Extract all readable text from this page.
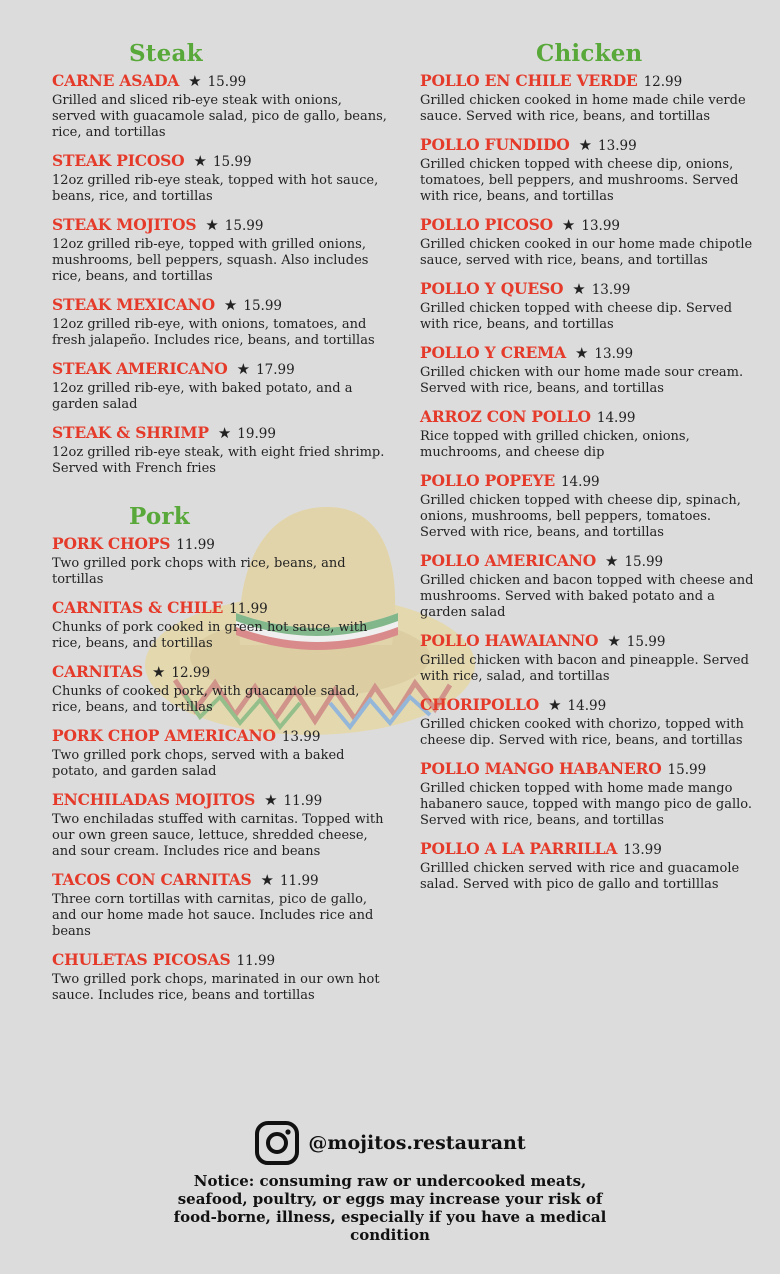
Steak
CARNE ASADA ★ 15.99
Grilled and sliced rib-eye steak with onions, served with guacamole salad, pico de gallo, beans, rice, and tortillas
STEAK PICOSO ★ 15.99
12oz grilled rib-eye steak, topped with hot sauce, beans, rice, and tortillas
STEAK MOJITOS ★ 15.99
12oz grilled rib-eye, topped with grilled onions, mushrooms, bell peppers, squash. Also includes rice, beans, and tortillas
STEAK MEXICANO ★ 15.99
12oz grilled rib-eye, with onions, tomatoes, and fresh jalapeño. Includes rice, beans, and tortillas
STEAK AMERICANO ★ 17.99
12oz grilled rib-eye, with baked potato, and a garden salad
STEAK & SHRIMP ★ 19.99
12oz grilled rib-eye steak, with eight fried shrimp. Served with French fries
Pork
PORK CHOPS 11.99
Two grilled pork chops with rice, beans, and tortillas
CARNITAS & CHILE 11.99
Chunks of pork cooked in green hot sauce, with rice, beans, and tortillas
CARNITAS ★ 12.99
Chunks of cooked pork, with guacamole salad, rice, beans, and tortillas
PORK CHOP AMERICANO 13.99
Two grilled pork chops, served with a baked potato, and garden salad
ENCHILADAS MOJITOS ★ 11.99
Two enchiladas stuffed with carnitas. Topped with our own green sauce, lettuce, shredded cheese, and sour cream. Includes rice and beans
TACOS CON CARNITAS ★ 11.99
Three corn tortillas with carnitas, pico de gallo, and our home made hot sauce. Includes rice and beans
CHULETAS PICOSAS 11.99
Two grilled pork chops, marinated in our own hot sauce. Includes rice, beans and tortillas
Chicken
POLLO EN CHILE VERDE 12.99
Grilled chicken cooked in home made chile verde sauce. Served with rice, beans, and tortillas
POLLO FUNDIDO ★ 13.99
Grilled chicken topped with cheese dip, onions, tomatoes, bell peppers, and mushrooms. Served with rice, beans, and tortillas
POLLO PICOSO ★ 13.99
Grilled chicken cooked in our home made chipotle sauce, served with rice, beans, and tortillas
POLLO Y QUESO ★ 13.99
Grilled chicken topped with cheese dip. Served with rice, beans, and tortillas
POLLO Y CREMA ★ 13.99
Grilled chicken with our home made sour cream. Served with rice, beans, and tortillas
ARROZ CON POLLO 14.99
Rice topped with grilled chicken, onions, muchrooms, and cheese dip
POLLO POPEYE 14.99
Grilled chicken topped with cheese dip, spinach, onions, mushrooms, bell peppers, tomatoes. Served with rice, beans, and tortillas
POLLO AMERICANO ★ 15.99
Grilled chicken and bacon topped with cheese and mushrooms. Served with baked potato and a garden salad
POLLO HAWAIANNO ★ 15.99
Grilled chicken with bacon and pineapple. Served with rice, salad, and tortillas
CHORIPOLLO ★ 14.99
Grilled chicken cooked with chorizo, topped with cheese dip. Served with rice, beans, and tortillas
POLLO MANGO HABANERO 15.99
Grilled chicken topped with home made mango habanero sauce, topped with mango pico de gallo. Served with rice, beans, and tortillas
POLLO A LA PARRILLA 13.99
Grillled chicken served with rice and guacamole salad. Served with pico de gallo and tortilllas
@mojitos.restaurant
Notice: consuming raw or undercooked meats, seafood, poultry, or eggs may increase your risk of food-borne, illness, especially if you have a medical condition
